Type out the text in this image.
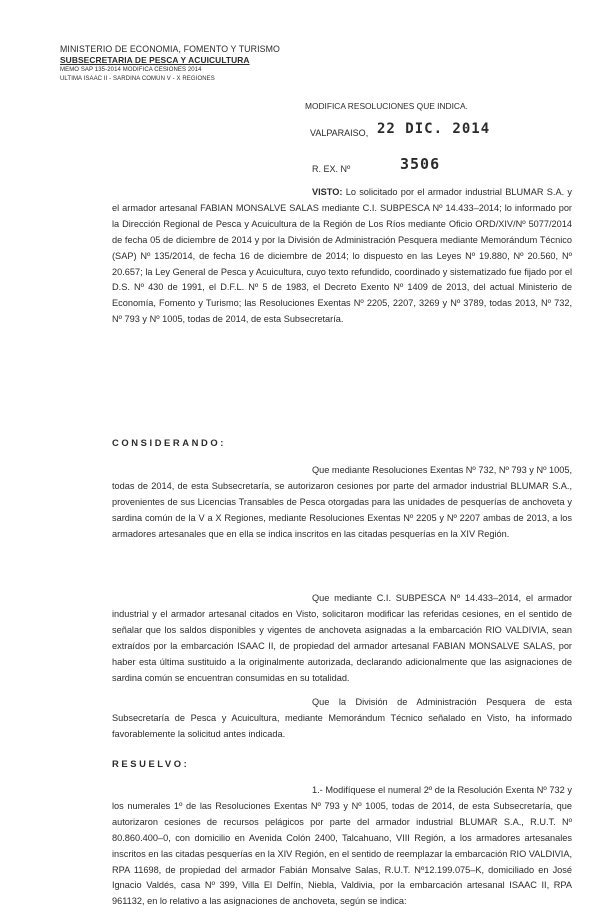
MINISTERIO DE ECONOMIA, FOMENTO Y TURISMO
SUBSECRETARIA DE PESCA Y ACUICULTURA
MEMO SAP 135-2014 MODIFICA CESIONES 2014
ULTIMA ISAAC II - SARDINA COMUN V - X REGIONES
MODIFICA RESOLUCIONES QUE INDICA.
VALPARAISO, 22 DIC. 2014
R. EX. Nº	3506
VISTO: Lo solicitado por el armador industrial BLUMAR S.A. y el armador artesanal FABIAN MONSALVE SALAS mediante C.I. SUBPESCA Nº 14.433–2014; lo informado por la Dirección Regional de Pesca y Acuicultura de la Región de Los Ríos mediante Oficio ORD/XIV/Nº 5077/2014 de fecha 05 de diciembre de 2014 y por la División de Administración Pesquera mediante Memorándum Técnico (SAP) Nº 135/2014, de fecha 16 de diciembre de 2014; lo dispuesto en las Leyes Nº 19.880, Nº 20.560, Nº 20.657; la Ley General de Pesca y Acuicultura, cuyo texto refundido, coordinado y sistematizado fue fijado por el D.S. Nº 430 de 1991, el D.F.L. Nº 5 de 1983, el Decreto Exento Nº 1409 de 2013, del actual Ministerio de Economía, Fomento y Turismo; las Resoluciones Exentas Nº 2205, 2207, 3269 y Nº 3789, todas 2013, Nº 732, Nº 793 y Nº 1005, todas de 2014, de esta Subsecretaría.
CONSIDERANDO:
Que mediante Resoluciones Exentas Nº 732, Nº 793 y Nº 1005, todas de 2014, de esta Subsecretaría, se autorizaron cesiones por parte del armador industrial BLUMAR S.A., provenientes de sus Licencias Transables de Pesca otorgadas para las unidades de pesquerías de anchoveta y sardina común de la V a X Regiones, mediante Resoluciones Exentas Nº 2205 y Nº 2207 ambas de 2013, a los armadores artesanales que en ella se indica inscritos en las citadas pesquerías en la XIV Región.
Que mediante C.I. SUBPESCA Nº 14.433–2014, el armador industrial y el armador artesanal citados en Visto, solicitaron modificar las referidas cesiones, en el sentido de señalar que los saldos disponibles y vigentes de anchoveta asignadas a la embarcación RIO VALDIVIA, sean extraídos por la embarcación ISAAC II, de propiedad del armador artesanal FABIAN MONSALVE SALAS, por haber esta última sustituido a la originalmente autorizada, declarando adicionalmente que las asignaciones de sardina común se encuentran consumidas en su totalidad.
Que la División de Administración Pesquera de esta Subsecretaría de Pesca y Acuicultura, mediante Memorándum Técnico señalado en Visto, ha informado favorablemente la solicitud antes indicada.
RESUELVO:
1.- Modifíquese el numeral 2º de la Resolución Exenta Nº 732 y los numerales 1º de las Resoluciones Exentas Nº 793 y Nº 1005, todas de 2014, de esta Subsecretaría, que autorizaron cesiones de recursos pelágicos por parte del armador industrial BLUMAR S.A., R.U.T. Nº 80.860.400–0, con domicilio en Avenida Colón 2400, Talcahuano, VIII Región, a los armadores artesanales inscritos en las citadas pesquerías en la XIV Región, en el sentido de reemplazar la embarcación RIO VALDIVIA, RPA 11698, de propiedad del armador Fabián Monsalve Salas, R.U.T. Nº12.199.075–K, domiciliado en José Ignacio Valdés, casa Nº 399, Villa El Delfín, Niebla, Valdivia, por la embarcación artesanal ISAAC II, RPA 961132, en lo relativo a las asignaciones de anchoveta, según se indica:
